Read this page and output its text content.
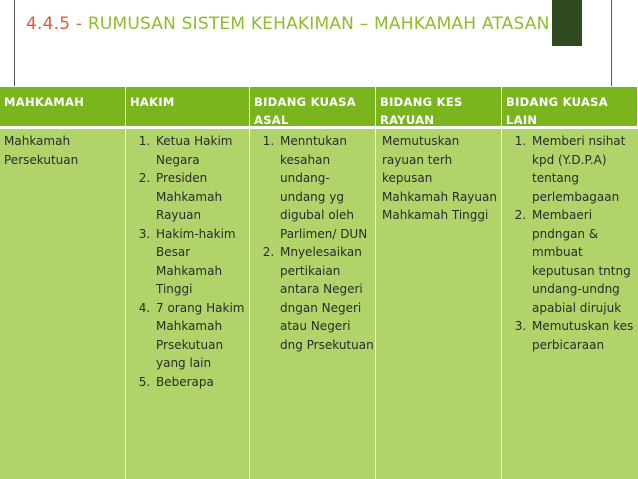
4.4.5 - RUMUSAN SISTEM KEHAKIMAN – MAHKAMAH ATASAN
MAHKAMAH	HAKIM	BIDANG KUASA ASAL
BIDANG KES RAYUAN
BIDANG KUASA LAIN
Mahkamah Persekutuan
1. Ketua Hakim Negara
2. Presiden Mahkamah Rayuan
3. Hakim-hakim Besar Mahkamah Tinggi
4. 7 orang Hakim Mahkamah Prsekutuan yang lain
5. Beberapa
1. Menntukan kesahan undang-undang yg digubal oleh Parlimen/ DUN
2. Mnyelesaikan pertikaian antara Negeri dngan Negeri atau Negeri dng Prsekutuan
Memutuskan rayuan terh kepusan Mahkamah Rayuan Mahkamah Tinggi
1. Memberi nsihat kpd (Y.D.P.A) tentang perlembagaan
2. Membaeri pndngan & mmbuat keputusan tntng undang-undng apabial dirujuk
3. Memutuskan kes perbicaraan
